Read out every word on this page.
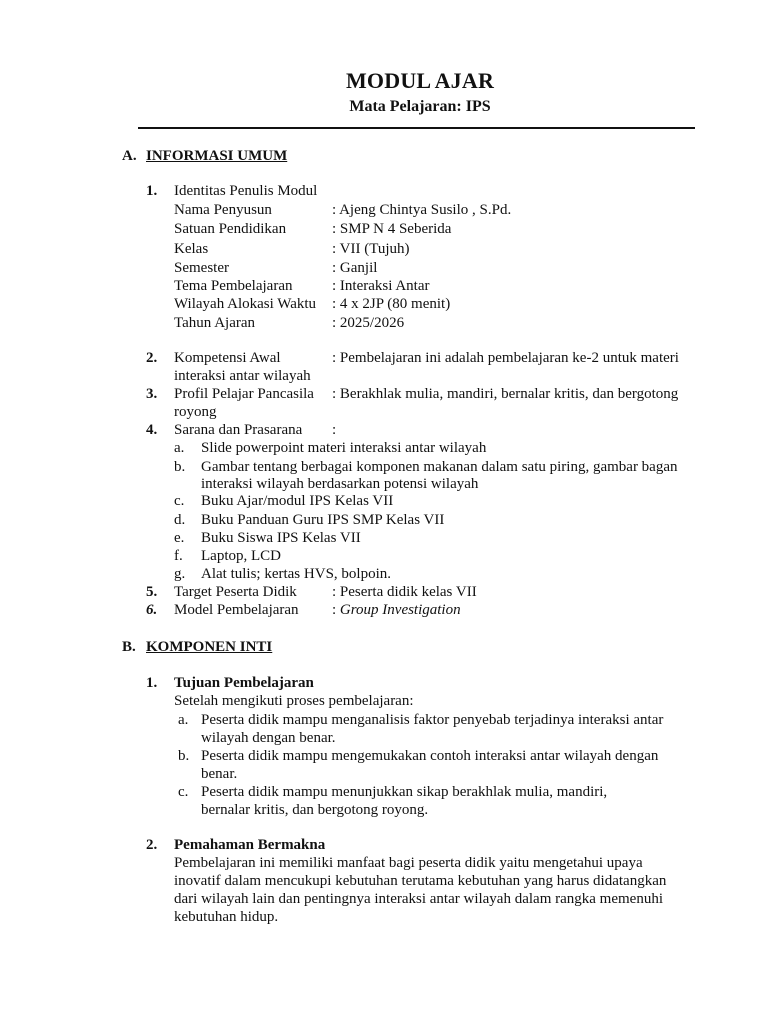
MODUL AJAR
Mata Pelajaran: IPS
A. INFORMASI UMUM
1. Identitas Penulis Modul
Nama Penyusun	: Ajeng Chintya Susilo , S.Pd.
Satuan Pendidikan	: SMP N 4 Seberida
Kelas	: VII (Tujuh)
Semester	: Ganjil
Tema Pembelajaran	: Interaksi Antar
Wilayah Alokasi Waktu : 4 x 2JP (80 menit)
Tahun Ajaran	: 2025/2026
2. Kompetensi Awal	: Pembelajaran ini adalah pembelajaran ke-2 untuk materi
interaksi antar wilayah
3. Profil Pelajar Pancasila : Berakhlak mulia, mandiri, bernalar kritis, dan bergotong
royong
4. Sarana dan Prasarana :
a. Slide powerpoint materi interaksi antar wilayah
b. Gambar tentang berbagai komponen makanan dalam satu piring, gambar bagan
interaksi wilayah berdasarkan potensi wilayah
c. Buku Ajar/modul IPS Kelas VII
d. Buku Panduan Guru IPS SMP Kelas VII
e. Buku Siswa IPS Kelas VII
f. Laptop, LCD
g. Alat tulis; kertas HVS, bolpoin.
5. Target Peserta Didik : Peserta didik kelas VII
6. Model Pembelajaran : Group Investigation
B. KOMPONEN INTI
1. Tujuan Pembelajaran
Setelah mengikuti proses pembelajaran:
a. Peserta didik mampu menganalisis faktor penyebab terjadinya interaksi antar
wilayah dengan benar.
b. Peserta didik mampu mengemukakan contoh interaksi antar wilayah dengan
benar.
c. Peserta didik mampu menunjukkan sikap berakhlak mulia, mandiri,
bernalar kritis, dan bergotong royong.
2. Pemahaman Bermakna
Pembelajaran ini memiliki manfaat bagi peserta didik yaitu mengetahui upaya
inovatif dalam mencukupi kebutuhan terutama kebutuhan yang harus didatangkan
dari wilayah lain dan pentingnya interaksi antar wilayah dalam rangka memenuhi
kebutuhan hidup.
